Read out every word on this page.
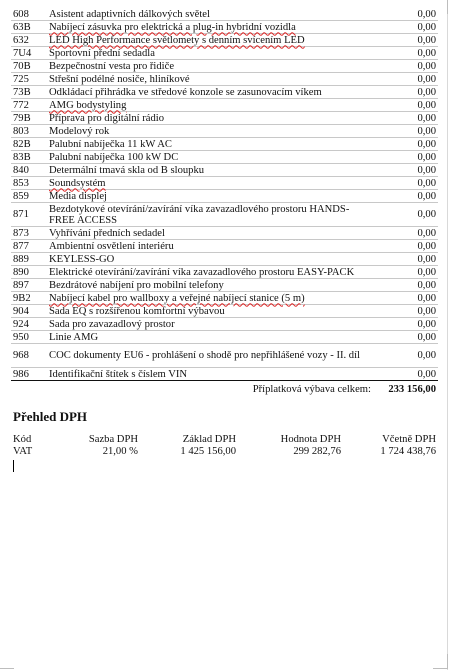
608	Asistent adaptivních dálkových světel	0,00
63B	Nabíjecí zásuvka pro elektrická a plug-in hybridní vozidla	0,00
632	LED High Performance světlomety s denním svícením LED	0,00
7U4	Sportovní přední sedadla	0,00
70B	Bezpečnostní vesta pro řidiče	0,00
725	Střešní podélné nosiče, hliníkové	0,00
73B	Odkládací přihrádka ve středové konzole se zasunovacím víkem	0,00
772	AMG bodystyling	0,00
79B	Příprava pro digitální rádio	0,00
803	Modelový rok	0,00
82B	Palubní nabíječka 11 kW AC	0,00
83B	Palubní nabíječka 100 kW DC	0,00
840	Determální tmavá skla od B sloupku	0,00
853	Soundsystém	0,00
859	Media displej	0,00
871	Bezdotykové otevírání/zavírání víka zavazadlového prostoru HANDS-FREE ACCESS	0,00
873	Vyhřívání předních sedadel	0,00
877	Ambientní osvětlení interiéru	0,00
889	KEYLESS-GO	0,00
890	Elektrické otevírání/zavírání víka zavazadlového prostoru EASY-PACK	0,00
897	Bezdrátové nabíjení pro mobilní telefony	0,00
9B2	Nabíjecí kabel pro wallboxy a veřejné nabíjecí stanice (5 m)	0,00
904	Sada EQ s rozšířenou komfortní výbavou	0,00
924	Sada pro zavazadlový prostor	0,00
950	Linie AMG	0,00
968	COC dokumenty EU6 - prohlášení o shodě pro nepřihlášené vozy - II. díl	0,00
986	Identifikační štítek s číslem VIN	0,00
Příplatková výbava celkem: 233 156,00
Přehled DPH
Kód	Sazba DPH	Základ DPH	Hodnota DPH	Včetně DPH
VAT	21,00 %	1 425 156,00	299 282,76	1 724 438,76
